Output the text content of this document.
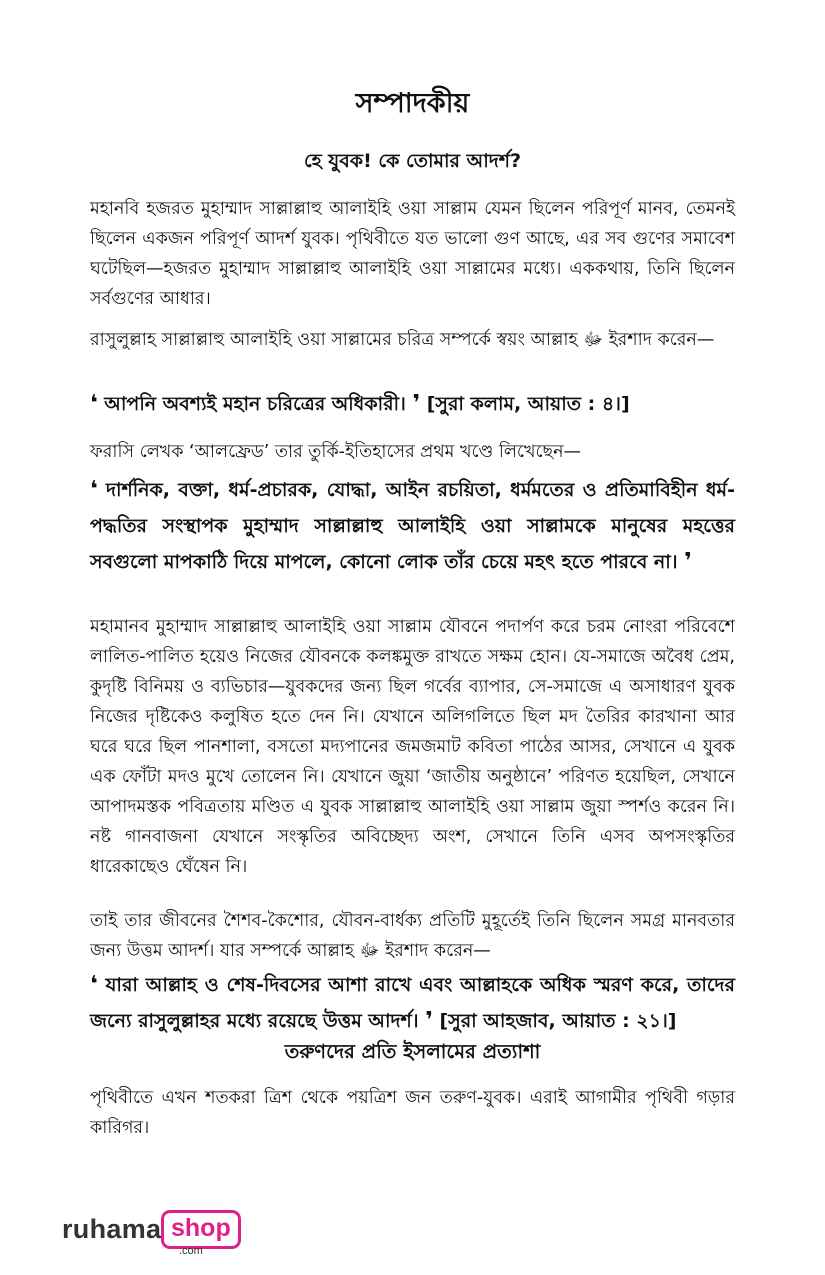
সম্পাদকীয়
হে যুবক! কে তোমার আদর্শ?

মহানবি হজরত মুহাম্মাদ সাল্লাল্লাহু আলাইহি ওয়া সাল্লাম যেমন ছিলেন পরিপূর্ণ মানব, তেমনই ছিলেন একজন পরিপূর্ণ আদর্শ যুবক। পৃথিবীতে যত ভালো গুণ আছে, এর সব গুণের সমাবেশ ঘটেছিল—হজরত মুহাম্মাদ সাল্লাল্লাহু আলাইহি ওয়া সাল্লামের মধ্যে। এককথায়, তিনি ছিলেন সর্বগুণের আধার।

রাসুলুল্লাহ সাল্লাল্লাহু আলাইহি ওয়া সাল্লামের চরিত্র সম্পর্কে স্বয়ং আল্লাহ ﷻ ইরশাদ করেন—

❛ আপনি অবশ্যই মহান চরিত্রের অধিকারী। ❜ [সুরা কলাম, আয়াত : ৪।]

ফরাসি লেখক ‘আলফ্রেড’ তার তুর্কি-ইতিহাসের প্রথম খণ্ডে লিখেছেন—

❛ দার্শনিক, বক্তা, ধর্ম-প্রচারক, যোদ্ধা, আইন রচয়িতা, ধর্মমতের ও প্রতিমাবিহীন ধর্ম-পদ্ধতির সংস্থাপক মুহাম্মাদ সাল্লাল্লাহু আলাইহি ওয়া সাল্লামকে মানুষের মহত্তের সবগুলো মাপকাঠি দিয়ে মাপলে, কোনো লোক তাঁর চেয়ে মহৎ হতে পারবে না। ❜

মহামানব মুহাম্মাদ সাল্লাল্লাহু আলাইহি ওয়া সাল্লাম যৌবনে পদার্পণ করে চরম নোংরা পরিবেশে লালিত-পালিত হয়েও নিজের যৌবনকে কলঙ্কমুক্ত রাখতে সক্ষম হোন। যে-সমাজে অবৈধ প্রেম, কুদৃষ্টি বিনিময় ও ব্যভিচার—যুবকদের জন্য ছিল গর্বের ব্যাপার, সে-সমাজে এ অসাধারণ যুবক নিজের দৃষ্টিকেও কলুষিত হতে দেন নি। যেখানে অলিগলিতে ছিল মদ তৈরির কারখানা আর ঘরে ঘরে ছিল পানশালা, বসতো মদ্যপানের জমজমাট কবিতা পাঠের আসর, সেখানে এ যুবক এক ফোঁটা মদও মুখে তোলেন নি। যেখানে জুয়া ‘জাতীয় অনুষ্ঠানে’ পরিণত হয়েছিল, সেখানে আপাদমস্তক পবিত্রতায় মণ্ডিত এ যুবক সাল্লাল্লাহু আলাইহি ওয়া সাল্লাম জুয়া স্পর্শও করেন নি। নষ্ট গানবাজনা যেখানে সংস্কৃতির অবিচ্ছেদ্য অংশ, সেখানে তিনি এসব অপসংস্কৃতির ধারেকাছেও ঘেঁষেন নি।

তাই তার জীবনের শৈশব-কৈশোর, যৌবন-বার্ধক্য প্রতিটি মুহূর্তেই তিনি ছিলেন সমগ্র মানবতার জন্য উত্তম আদর্শ। যার সম্পর্কে আল্লাহ ﷻ ইরশাদ করেন—

❛ যারা আল্লাহ ও শেষ-দিবসের আশা রাখে এবং আল্লাহকে অধিক স্মরণ করে, তাদের জন্যে রাসুলুল্লাহর মধ্যে রয়েছে উত্তম আদর্শ। ❜ [সুরা আহজাব, আয়াত : ২১।]

তরুণদের প্রতি ইসলামের প্রত্যাশা

পৃথিবীতে এখন শতকরা ত্রিশ থেকে পয়ত্রিশ জন তরুণ-যুবক। এরাই আগামীর পৃথিবী গড়ার কারিগর।

ruhama shop
.com
